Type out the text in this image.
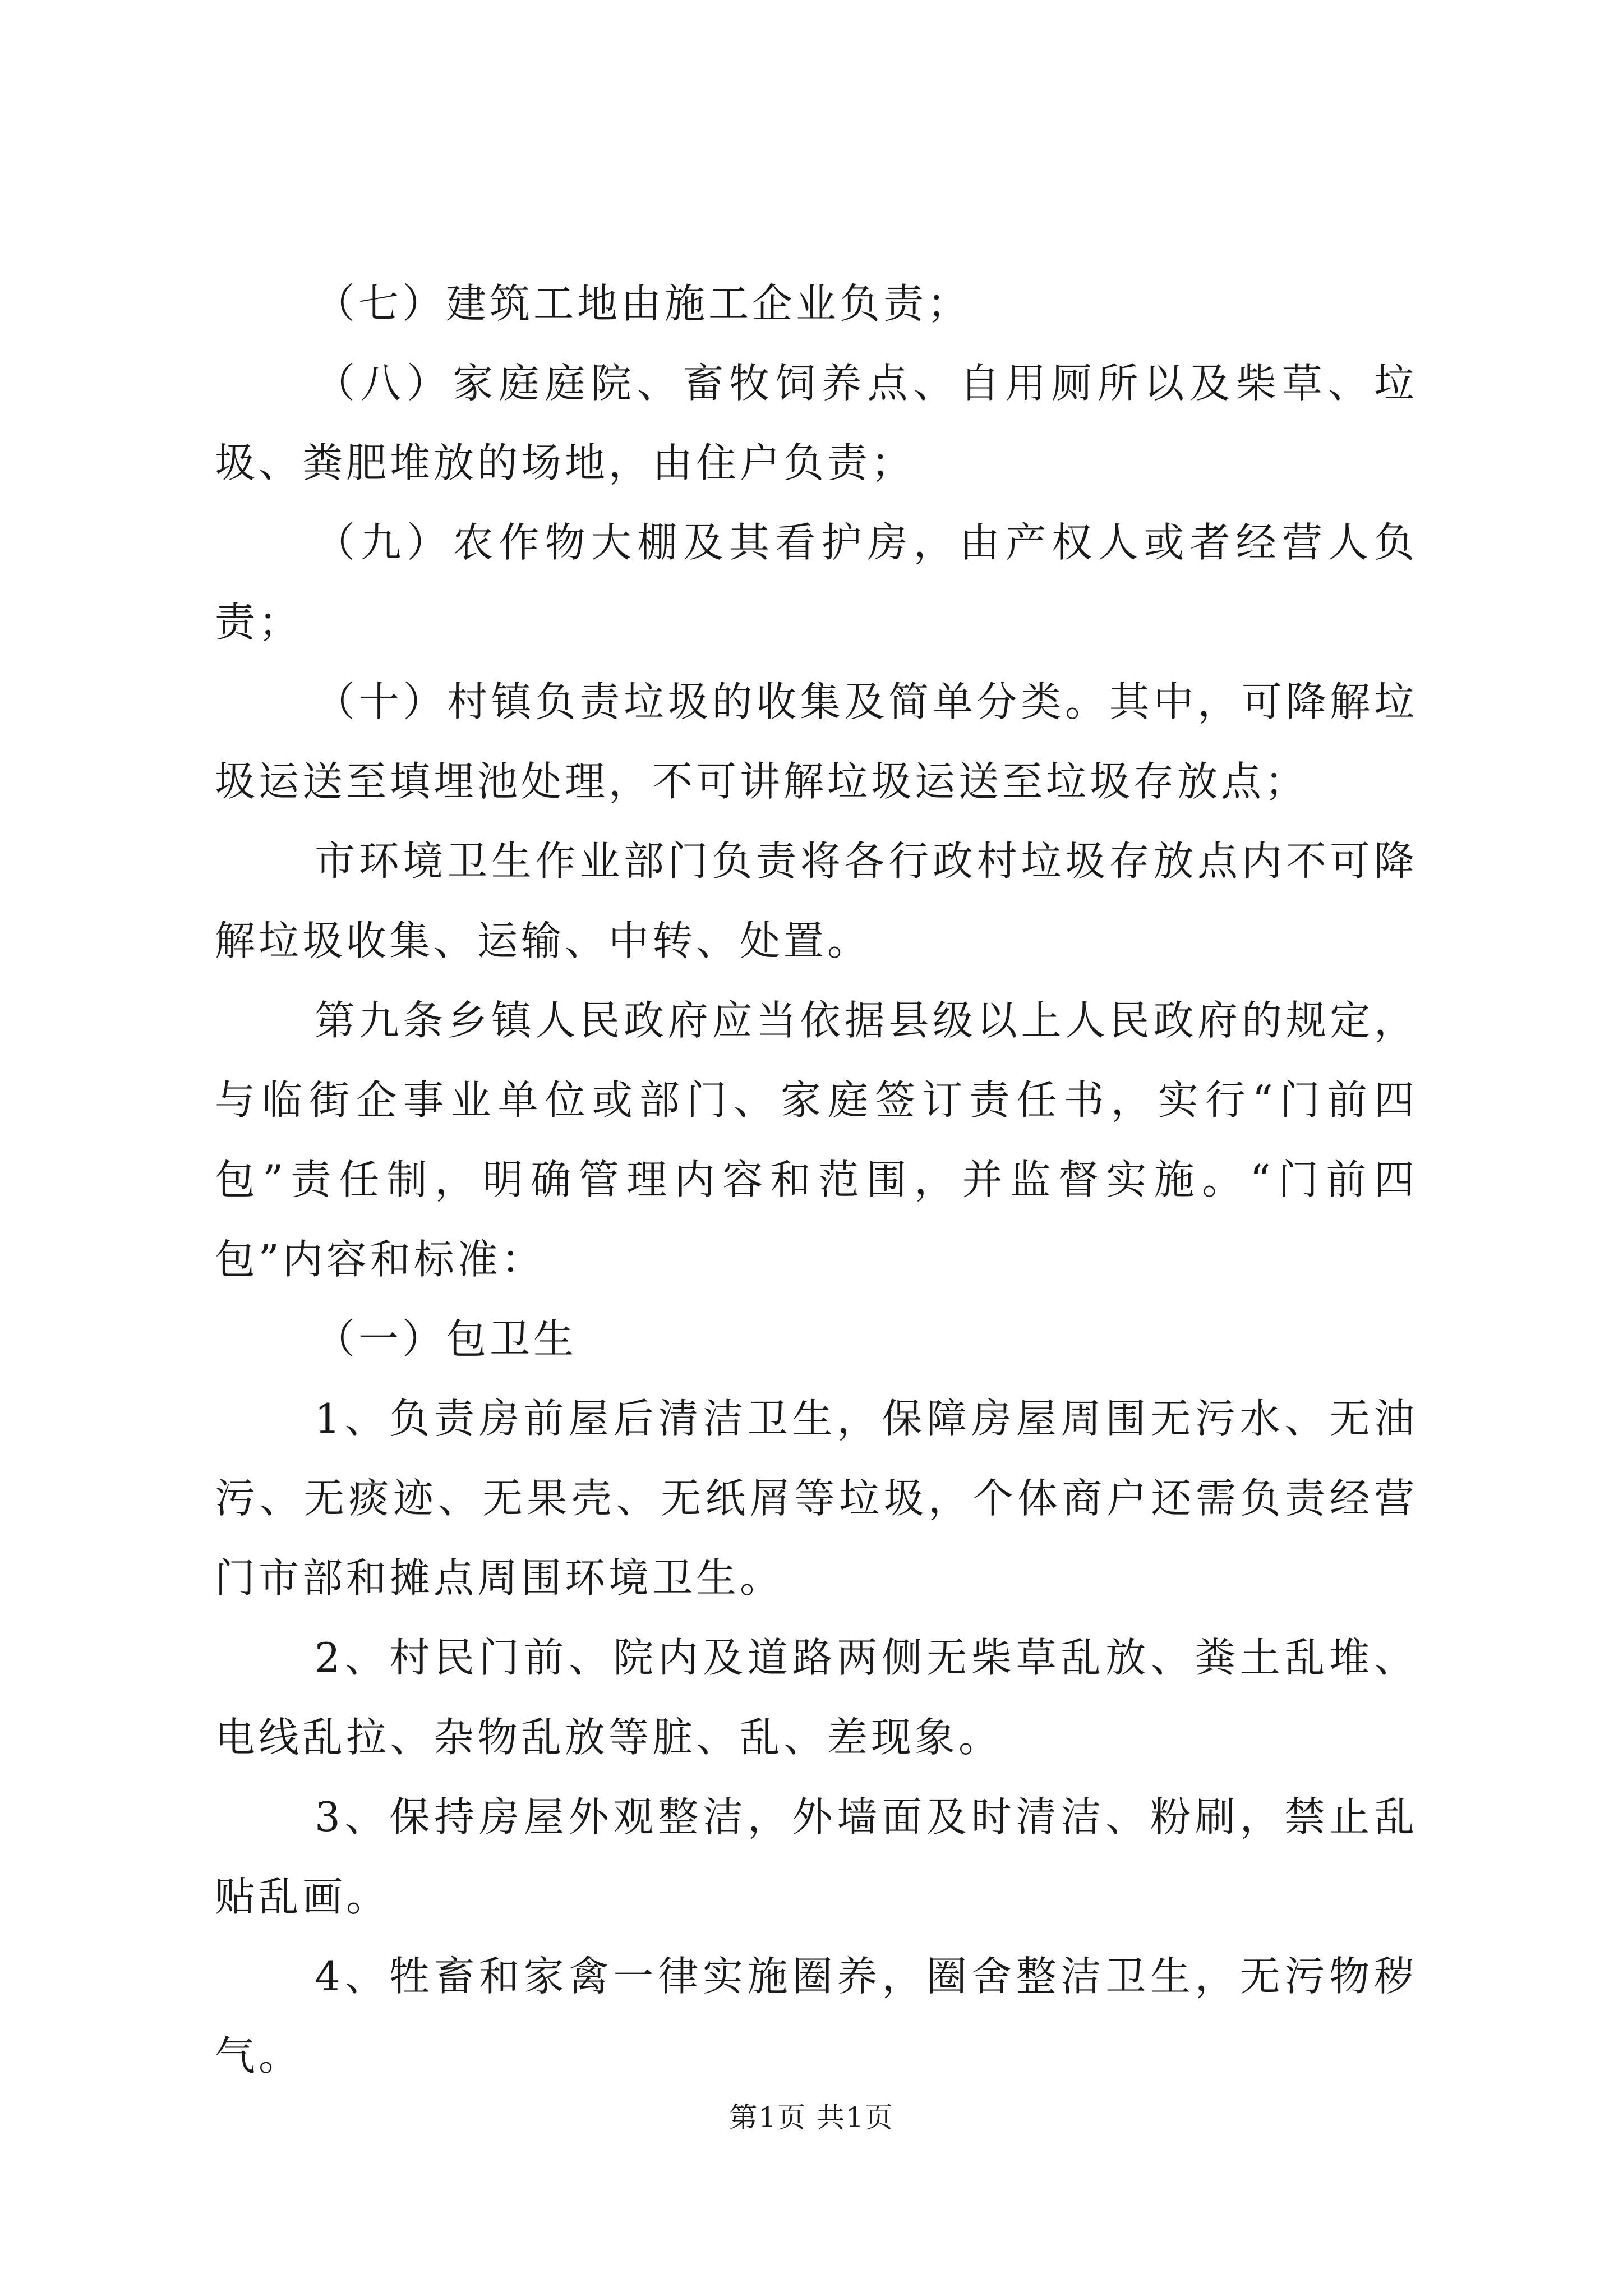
（七）建筑工地由施工企业负责；

（八）家庭庭院、畜牧饲养点、自用厕所以及柴草、垃圾、粪肥堆放的场地，由住户负责；

（九）农作物大棚及其看护房，由产权人或者经营人负责；

（十）村镇负责垃圾的收集及简单分类。其中，可降解垃圾运送至填埋池处理，不可讲解垃圾运送至垃圾存放点；

市环境卫生作业部门负责将各行政村垃圾存放点内不可降解垃圾收集、运输、中转、处置。

第九条乡镇人民政府应当依据县级以上人民政府的规定，与临街企事业单位或部门、家庭签订责任书，实行“门前四包”责任制，明确管理内容和范围，并监督实施。“门前四包”内容和标准：

（一）包卫生

1、负责房前屋后清洁卫生，保障房屋周围无污水、无油污、无痰迹、无果壳、无纸屑等垃圾，个体商户还需负责经营门市部和摊点周围环境卫生。

2、村民门前、院内及道路两侧无柴草乱放、粪土乱堆、电线乱拉、杂物乱放等脏、乱、差现象。

3、保持房屋外观整洁，外墙面及时清洁、粉刷，禁止乱贴乱画。

4、牲畜和家禽一律实施圈养，圈舍整洁卫生，无污物秽气。

第1页 共1页
